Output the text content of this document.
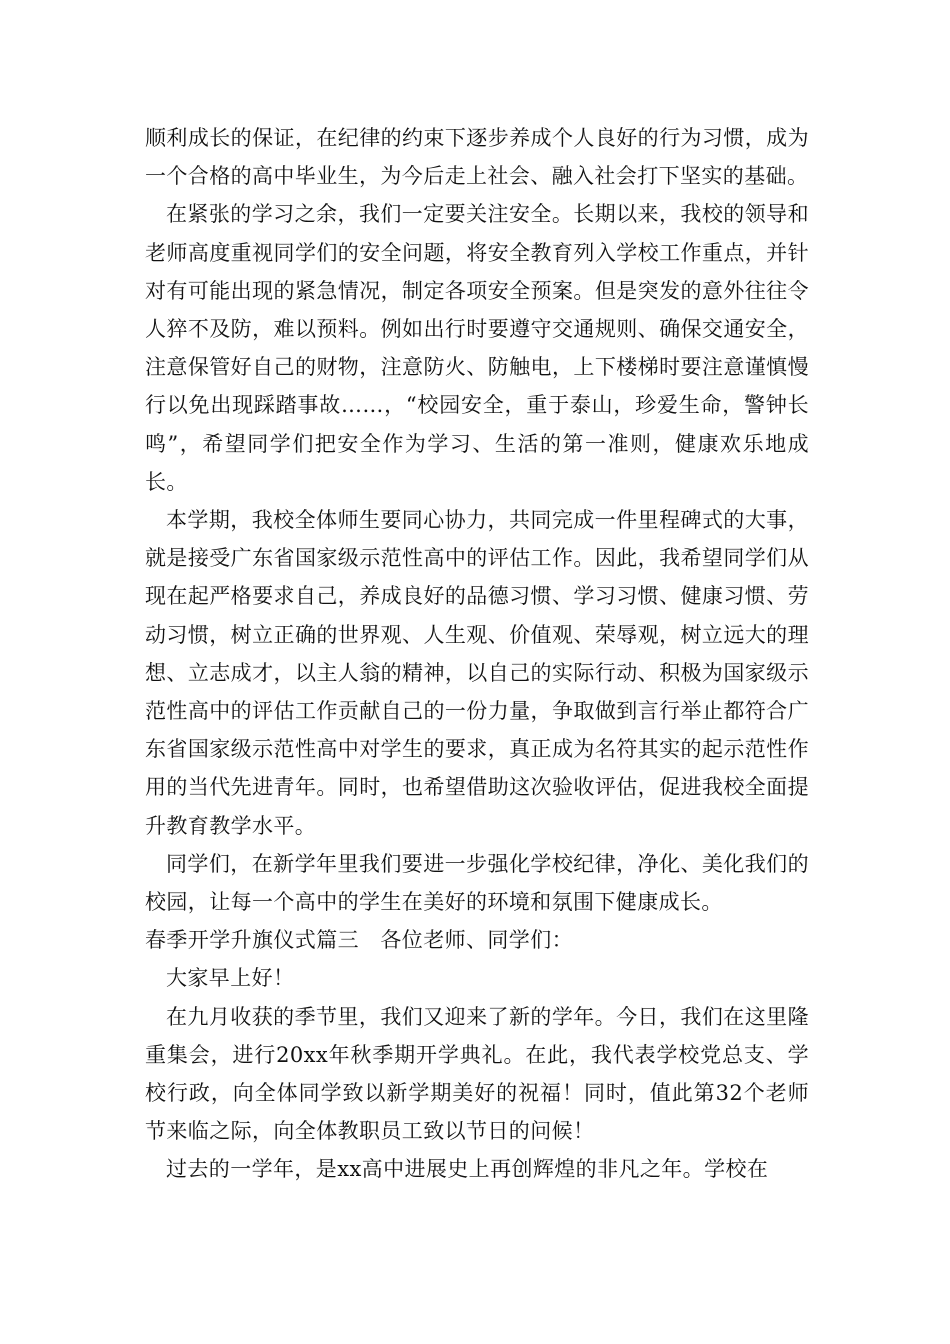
顺利成长的保证，在纪律的约束下逐步养成个人良好的行为习惯，成为一个合格的高中毕业生，为今后走上社会、融入社会打下坚实的基础。

在紧张的学习之余，我们一定要关注安全。长期以来，我校的领导和老师高度重视同学们的安全问题，将安全教育列入学校工作重点，并针对有可能出现的紧急情况，制定各项安全预案。但是突发的意外往往令人猝不及防，难以预料。例如出行时要遵守交通规则、确保交通安全，注意保管好自己的财物，注意防火、防触电，上下楼梯时要注意谨慎慢行以免出现踩踏事故……，“校园安全，重于泰山，珍爱生命，警钟长鸣”，希望同学们把安全作为学习、生活的第一准则，健康欢乐地成长。

本学期，我校全体师生要同心协力，共同完成一件里程碑式的大事，就是接受广东省国家级示范性高中的评估工作。因此，我希望同学们从现在起严格要求自己，养成良好的品德习惯、学习习惯、健康习惯、劳动习惯，树立正确的世界观、人生观、价值观、荣辱观，树立远大的理想、立志成才，以主人翁的精神，以自己的实际行动、积极为国家级示范性高中的评估工作贡献自己的一份力量，争取做到言行举止都符合广东省国家级示范性高中对学生的要求，真正成为名符其实的起示范性作用的当代先进青年。同时，也希望借助这次验收评估，促进我校全面提升教育教学水平。

同学们，在新学年里我们要进一步强化学校纪律，净化、美化我们的校园，让每一个高中的学生在美好的环境和氛围下健康成长。

春季开学升旗仪式篇三　各位老师、同学们：

大家早上好！

在九月收获的季节里，我们又迎来了新的学年。今日，我们在这里隆重集会，进行20xx年秋季期开学典礼。在此，我代表学校党总支、学校行政，向全体同学致以新学期美好的祝福！同时，值此第32个老师节来临之际，向全体教职员工致以节日的问候！

过去的一学年，是xx高中进展史上再创辉煌的非凡之年。学校在
